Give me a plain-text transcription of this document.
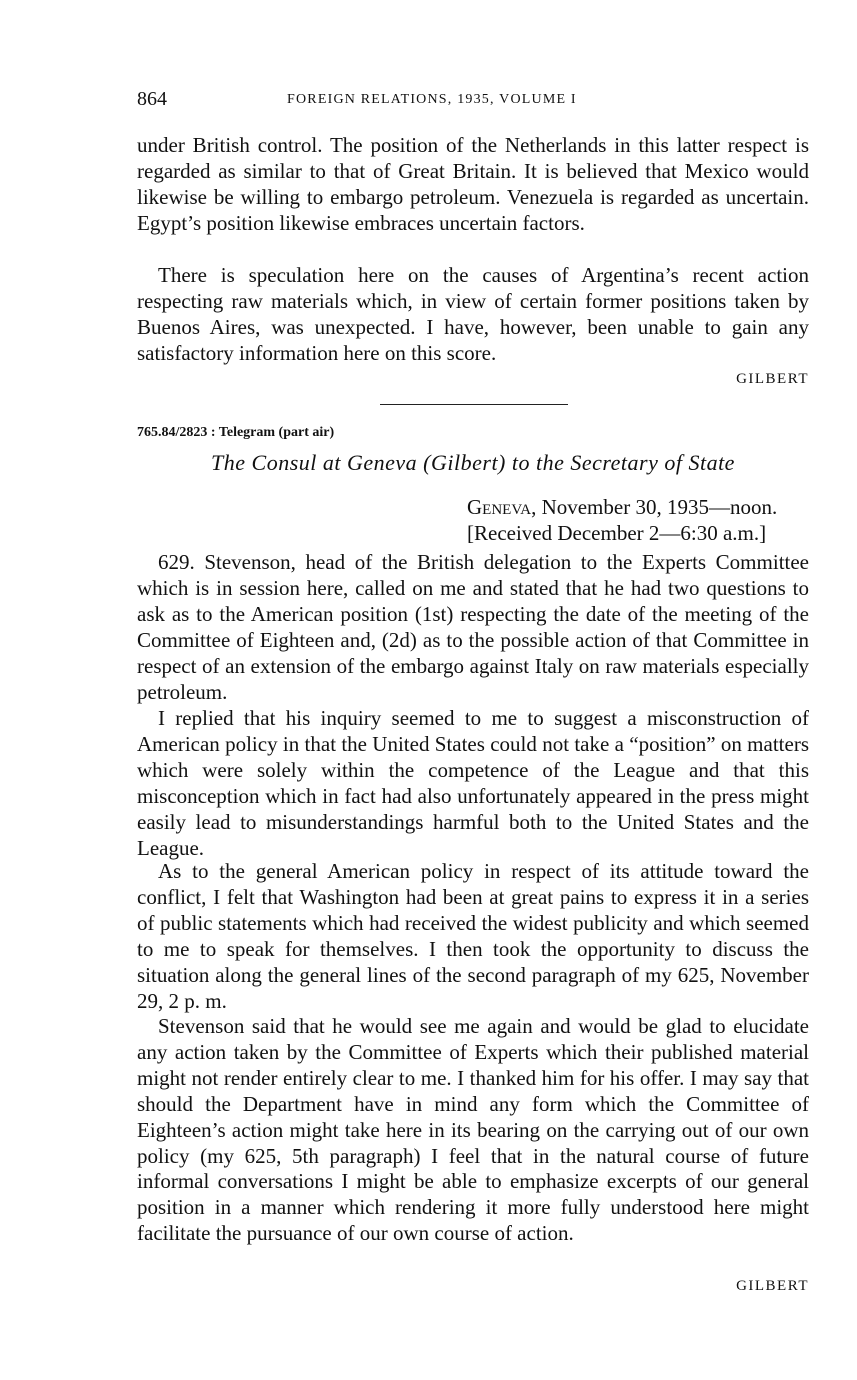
864	FOREIGN RELATIONS, 1935, VOLUME I

under British control. The position of the Netherlands in this latter respect is regarded as similar to that of Great Britain. It is believed that Mexico would likewise be willing to embargo petroleum. Venezuela is regarded as uncertain. Egypt’s position likewise embraces uncertain factors.

There is speculation here on the causes of Argentina’s recent action respecting raw materials which, in view of certain former positions taken by Buenos Aires, was unexpected. I have, however, been unable to gain any satisfactory information here on this score.

GILBERT
765.84/2823 : Telegram (part air)
The Consul at Geneva (Gilbert) to the Secretary of State
Geneva, November 30, 1935—noon.
[Received December 2—6:30 a.m.]

629. Stevenson, head of the British delegation to the Experts Committee which is in session here, called on me and stated that he had two questions to ask as to the American position (1st) respecting the date of the meeting of the Committee of Eighteen and, (2d) as to the possible action of that Committee in respect of an extension of the embargo against Italy on raw materials especially petroleum.

I replied that his inquiry seemed to me to suggest a misconstruction of American policy in that the United States could not take a “position” on matters which were solely within the competence of the League and that this misconception which in fact had also unfortunately appeared in the press might easily lead to misunderstandings harmful both to the United States and the League.

As to the general American policy in respect of its attitude toward the conflict, I felt that Washington had been at great pains to express it in a series of public statements which had received the widest publicity and which seemed to me to speak for themselves. I then took the opportunity to discuss the situation along the general lines of the second paragraph of my 625, November 29, 2 p. m.

Stevenson said that he would see me again and would be glad to elucidate any action taken by the Committee of Experts which their published material might not render entirely clear to me. I thanked him for his offer. I may say that should the Department have in mind any form which the Committee of Eighteen’s action might take here in its bearing on the carrying out of our own policy (my 625, 5th paragraph) I feel that in the natural course of future informal conversations I might be able to emphasize excerpts of our general position in a manner which rendering it more fully understood here might facilitate the pursuance of our own course of action.

GILBERT
